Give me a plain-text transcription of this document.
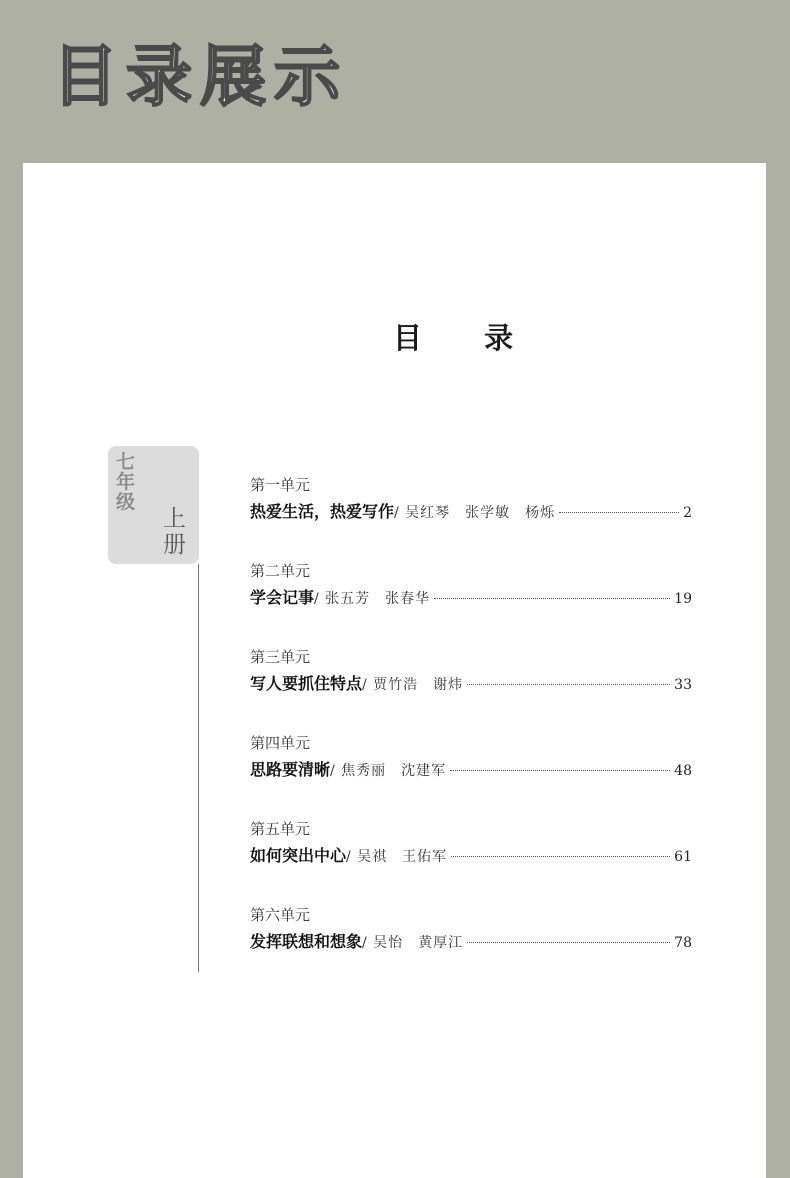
目录展示
目 录
七年级
上册
第一单元
热爱生活，热爱写作 / 吴红琴　张学敏　杨烁	2
第二单元
学会记事 / 张五芳　张春华	19
第三单元
写人要抓住特点 / 贾竹浩　谢炜	33
第四单元
思路要清晰 / 焦秀丽　沈建军	48
第五单元
如何突出中心 / 吴祺　王佑军	61
第六单元
发挥联想和想象 / 吴怡　黄厚江	78
